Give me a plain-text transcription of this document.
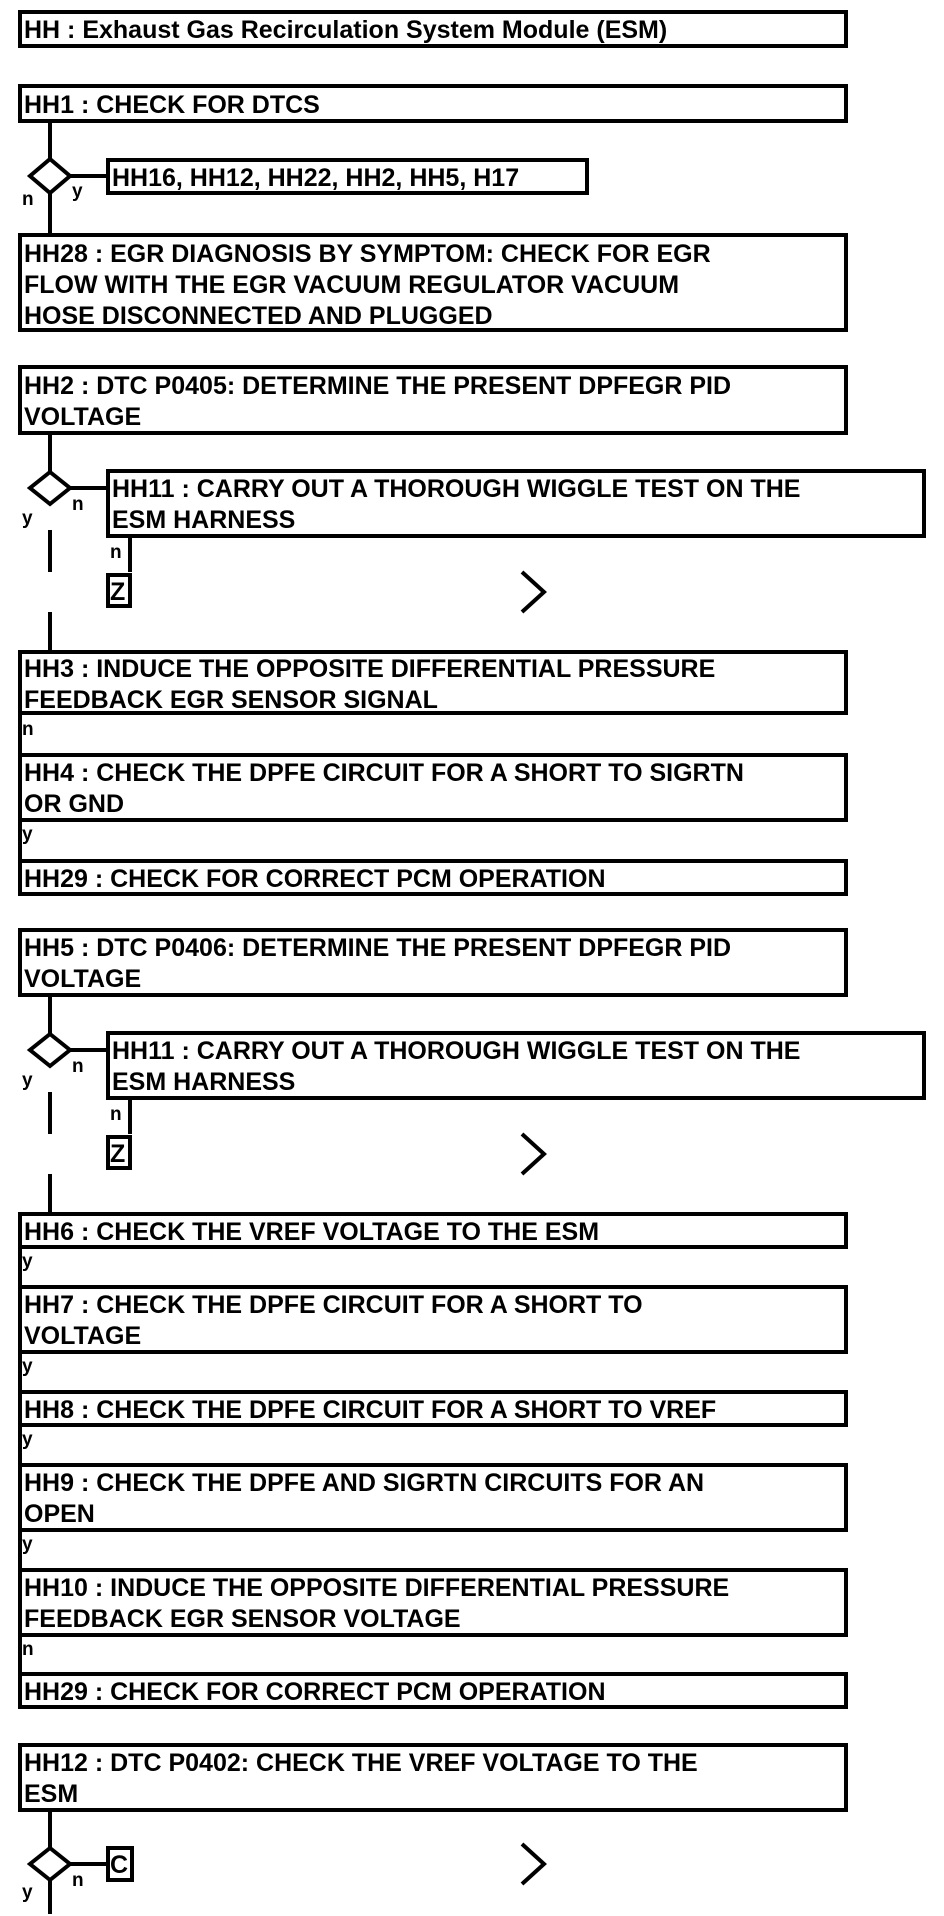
HH : Exhaust Gas Recirculation System Module (ESM)
HH1 : CHECK FOR DTCS
HH16, HH12, HH22, HH2, HH5, H17
HH28 : EGR DIAGNOSIS BY SYMPTOM: CHECK FOR EGR FLOW WITH THE EGR VACUUM REGULATOR VACUUM HOSE DISCONNECTED AND PLUGGED
HH2 : DTC P0405: DETERMINE THE PRESENT DPFEGR PID VOLTAGE
HH11 : CARRY OUT A THOROUGH WIGGLE TEST ON THE ESM HARNESS
Z
HH3 : INDUCE THE OPPOSITE DIFFERENTIAL PRESSURE FEEDBACK EGR SENSOR SIGNAL
HH4 : CHECK THE DPFE CIRCUIT FOR A SHORT TO SIGRTN OR GND
HH29 : CHECK FOR CORRECT PCM OPERATION
HH5 : DTC P0406: DETERMINE THE PRESENT DPFEGR PID VOLTAGE
HH11 : CARRY OUT A THOROUGH WIGGLE TEST ON THE ESM HARNESS
Z
HH6 : CHECK THE VREF VOLTAGE TO THE ESM
HH7 : CHECK THE DPFE CIRCUIT FOR A SHORT TO VOLTAGE
HH8 : CHECK THE DPFE CIRCUIT FOR A SHORT TO VREF
HH9 : CHECK THE DPFE AND SIGRTN CIRCUITS FOR AN OPEN
HH10 : INDUCE THE OPPOSITE DIFFERENTIAL PRESSURE FEEDBACK EGR SENSOR VOLTAGE
HH29 : CHECK FOR CORRECT PCM OPERATION
HH12 : DTC P0402: CHECK THE VREF VOLTAGE TO THE ESM
C
n y
y
n
n
n
y
y
n
n
y
y
y
y
n
n
y
